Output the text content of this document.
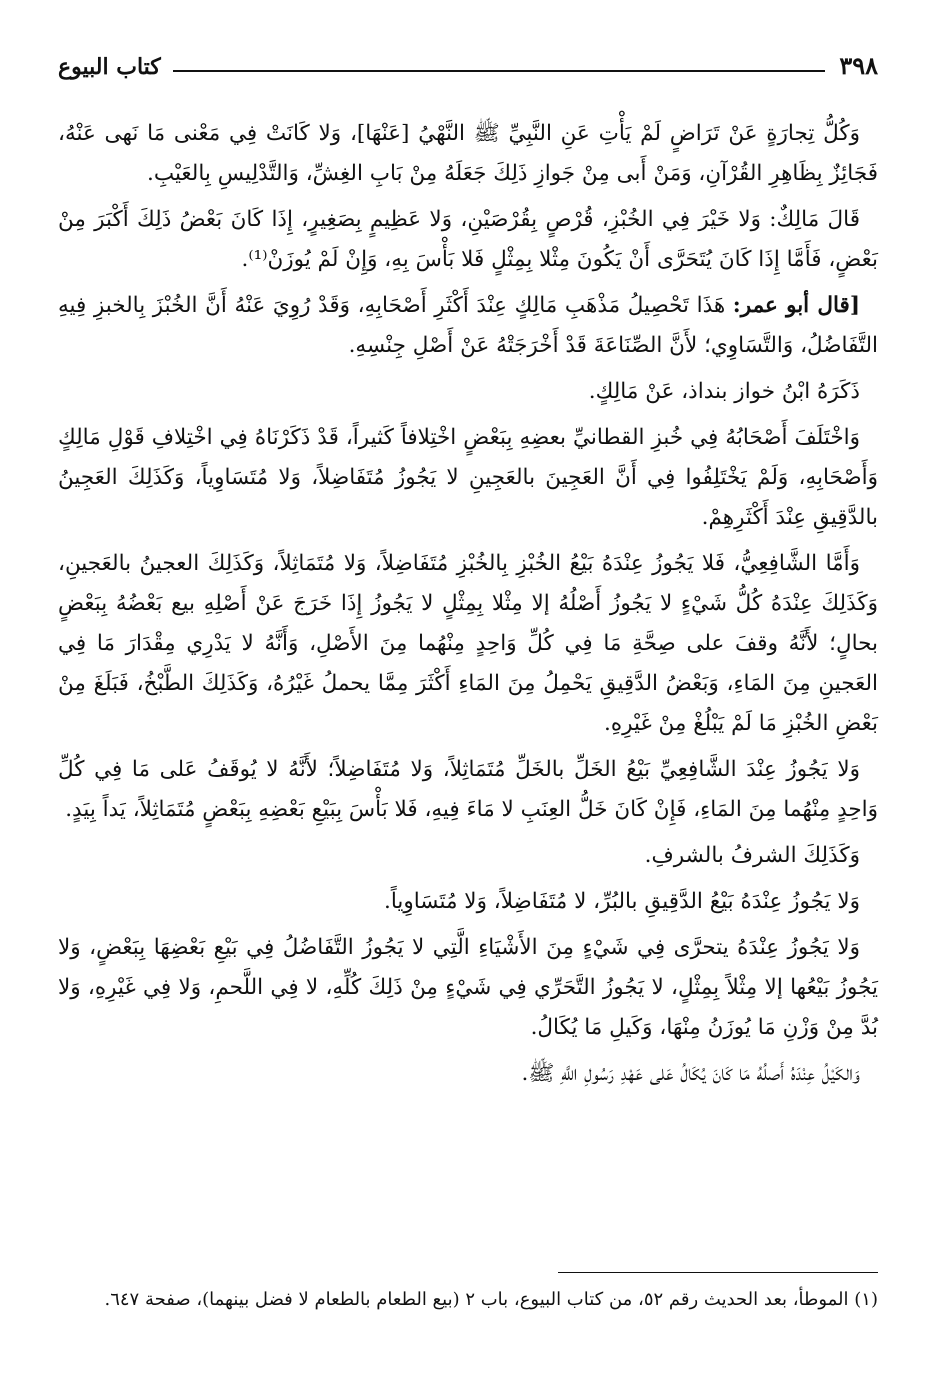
٣٩٨
كتاب البيوع

وَكُلُّ تِجارَةٍ عَنْ تَرَاضٍ لَمْ يَأْتِ عَنِ النَّبِيِّ ﷺ النَّهْيُ [عَنْهَا]، وَلا كَانَتْ فِي مَعْنى مَا نَهى عَنْهُ، فَجَائِزٌ بِظَاهِرِ القُرْآنِ، وَمَنْ أَبى مِنْ جَوازِ ذَلِكَ جَعَلَهُ مِنْ بَابِ الغِشِّ، وَالتَّدْلِيسِ بِالعَيْبِ.

قَالَ مَالِكٌ: وَلا خَيْرَ فِي الخُبْزِ، قُرْصٍ بِقُرْصَيْنِ، وَلا عَظِيمٍ بِصَغِيرٍ، إِذَا كَانَ بَعْضُ ذَلِكَ أَكْبَرَ مِنْ بَعْضٍ، فَأَمَّا إِذَا كَانَ يُتَحَرَّى أَنْ يَكُونَ مِثْلا بِمِثْلٍ فَلا بَأْسَ بِهِ، وَإِنْ لَمْ يُوزَنْ⁽¹⁾.

[قال أبو عمر: هَذَا تَحْصِيلُ مَذْهَبِ مَالِكٍ عِنْدَ أَكْثَرِ أَصْحَابِهِ، وَقَدْ رُوِيَ عَنْهُ أَنَّ الخُبْزَ بِالخبزِ فِيهِ التَّفَاضُلُ، وَالتَّسَاوِي؛ لأَنَّ الصِّنَاعَةَ قَدْ أَخْرَجَتْهُ عَنْ أَصْلِ جِنْسِهِ.

ذَكَرَهُ ابْنُ خواز بنداذ، عَنْ مَالِكٍ.

وَاخْتَلَفَ أَصْحَابُهُ فِي خُبزِ القطانيِّ بعضِهِ بِبَعْضٍ اخْتِلافاً كَثيراً، قَدْ ذَكَرْنَاهُ فِي اخْتِلافِ قَوْلِ مَالِكٍ وَأَصْحَابِهِ، وَلَمْ يَخْتَلِفُوا فِي أَنَّ العَجِينَ بالعَجِينِ لا يَجُوزُ مُتَفَاضِلاً، وَلا مُتَسَاوِياً، وَكَذَلِكَ العَجِينُ بالدَّقِيقِ عِنْدَ أَكْثَرِهِمْ.

وَأَمَّا الشَّافِعِيُّ، فَلا يَجُوزُ عِنْدَهُ بَيْعُ الخُبْزِ بِالخُبْزِ مُتَفَاضِلاً، وَلا مُتَمَاثِلاً، وَكَذَلِكَ العجينُ بالعَجينِ، وَكَذَلِكَ عِنْدَهُ كُلُّ شَيْءٍ لا يَجُوزُ أَصْلُهُ إلا مِثْلا بِمِثْلٍ لا يَجُوزُ إِذَا خَرَجَ عَنْ أَصْلِهِ بيع بَعْضُهُ بِبَعْضٍ بحالٍ؛ لأَنَّهُ وقفَ على صِحَّةِ مَا فِي كُلِّ وَاحِدٍ مِنْهُما مِنَ الأَصْلِ، وَأَنَّهُ لا يَدْرِي مِقْدَارَ مَا فِي العَجينِ مِنَ المَاءِ، وَبَعْضُ الدَّقِيقِ يَحْمِلُ مِنَ المَاءِ أَكْثَرَ مِمَّا يحملُ غَيْرُهُ، وَكَذَلِكَ الطَّبْخُ، فَبَلَغَ مِنْ بَعْضِ الخُبْزِ مَا لَمْ يَبْلُغْ مِنْ غَيْرِهِ.

وَلا يَجُوزُ عِنْدَ الشَّافِعِيِّ بَيْعُ الخَلِّ بالخَلِّ مُتَمَاثِلاً، وَلا مُتَفَاضِلاً؛ لأَنَّهُ لا يُوقَفُ عَلى مَا فِي كُلِّ وَاحِدٍ مِنْهُما مِنَ المَاءِ، فَإِنْ كَانَ خَلُّ العِنَبِ لا مَاءَ فِيهِ، فَلا بَأْسَ بِبَيْعِ بَعْضِهِ بِبَعْضٍ مُتَمَاثِلاً، يَداً بِيَدٍ.

وَكَذَلِكَ الشرفُ بالشرفِ.

وَلا يَجُوزُ عِنْدَهُ بَيْعُ الدَّقِيقِ بالبُرِّ، لا مُتَفَاضِلاً، وَلا مُتَسَاوِياً.

وَلا يَجُوزُ عِنْدَهُ يتحرَّى فِي شَيْءٍ مِنَ الأَشْيَاءِ الَّتِي لا يَجُوزُ التَّفَاضُلُ فِي بَيْعِ بَعْضِهَا بِبَعْضٍ، وَلا يَجُوزُ بَيْعُها إلا مِثْلاً بِمِثْلٍ، لا يَجُوزُ التَّحَرِّي فِي شَيْءٍ مِنْ ذَلِكَ كُلِّهِ، لا فِي اللَّحمِ، وَلا فِي غَيْرِهِ، وَلا بُدَّ مِنْ وَزْنِ مَا يُوزَنُ مِنْهَا، وَكَيلِ مَا يُكَالُ.

وَالكَيْلُ عِنْدَهُ أَصلُهُ مَا كَانَ يُكَالُ عَلى عَهْدِ رَسُولِ اللَّهِ ﷺ.

(١) الموطأ، بعد الحديث رقم ٥٢، من كتاب البيوع، باب ٢ (بيع الطعام بالطعام لا فضل بينهما)، صفحة ٦٤٧.
